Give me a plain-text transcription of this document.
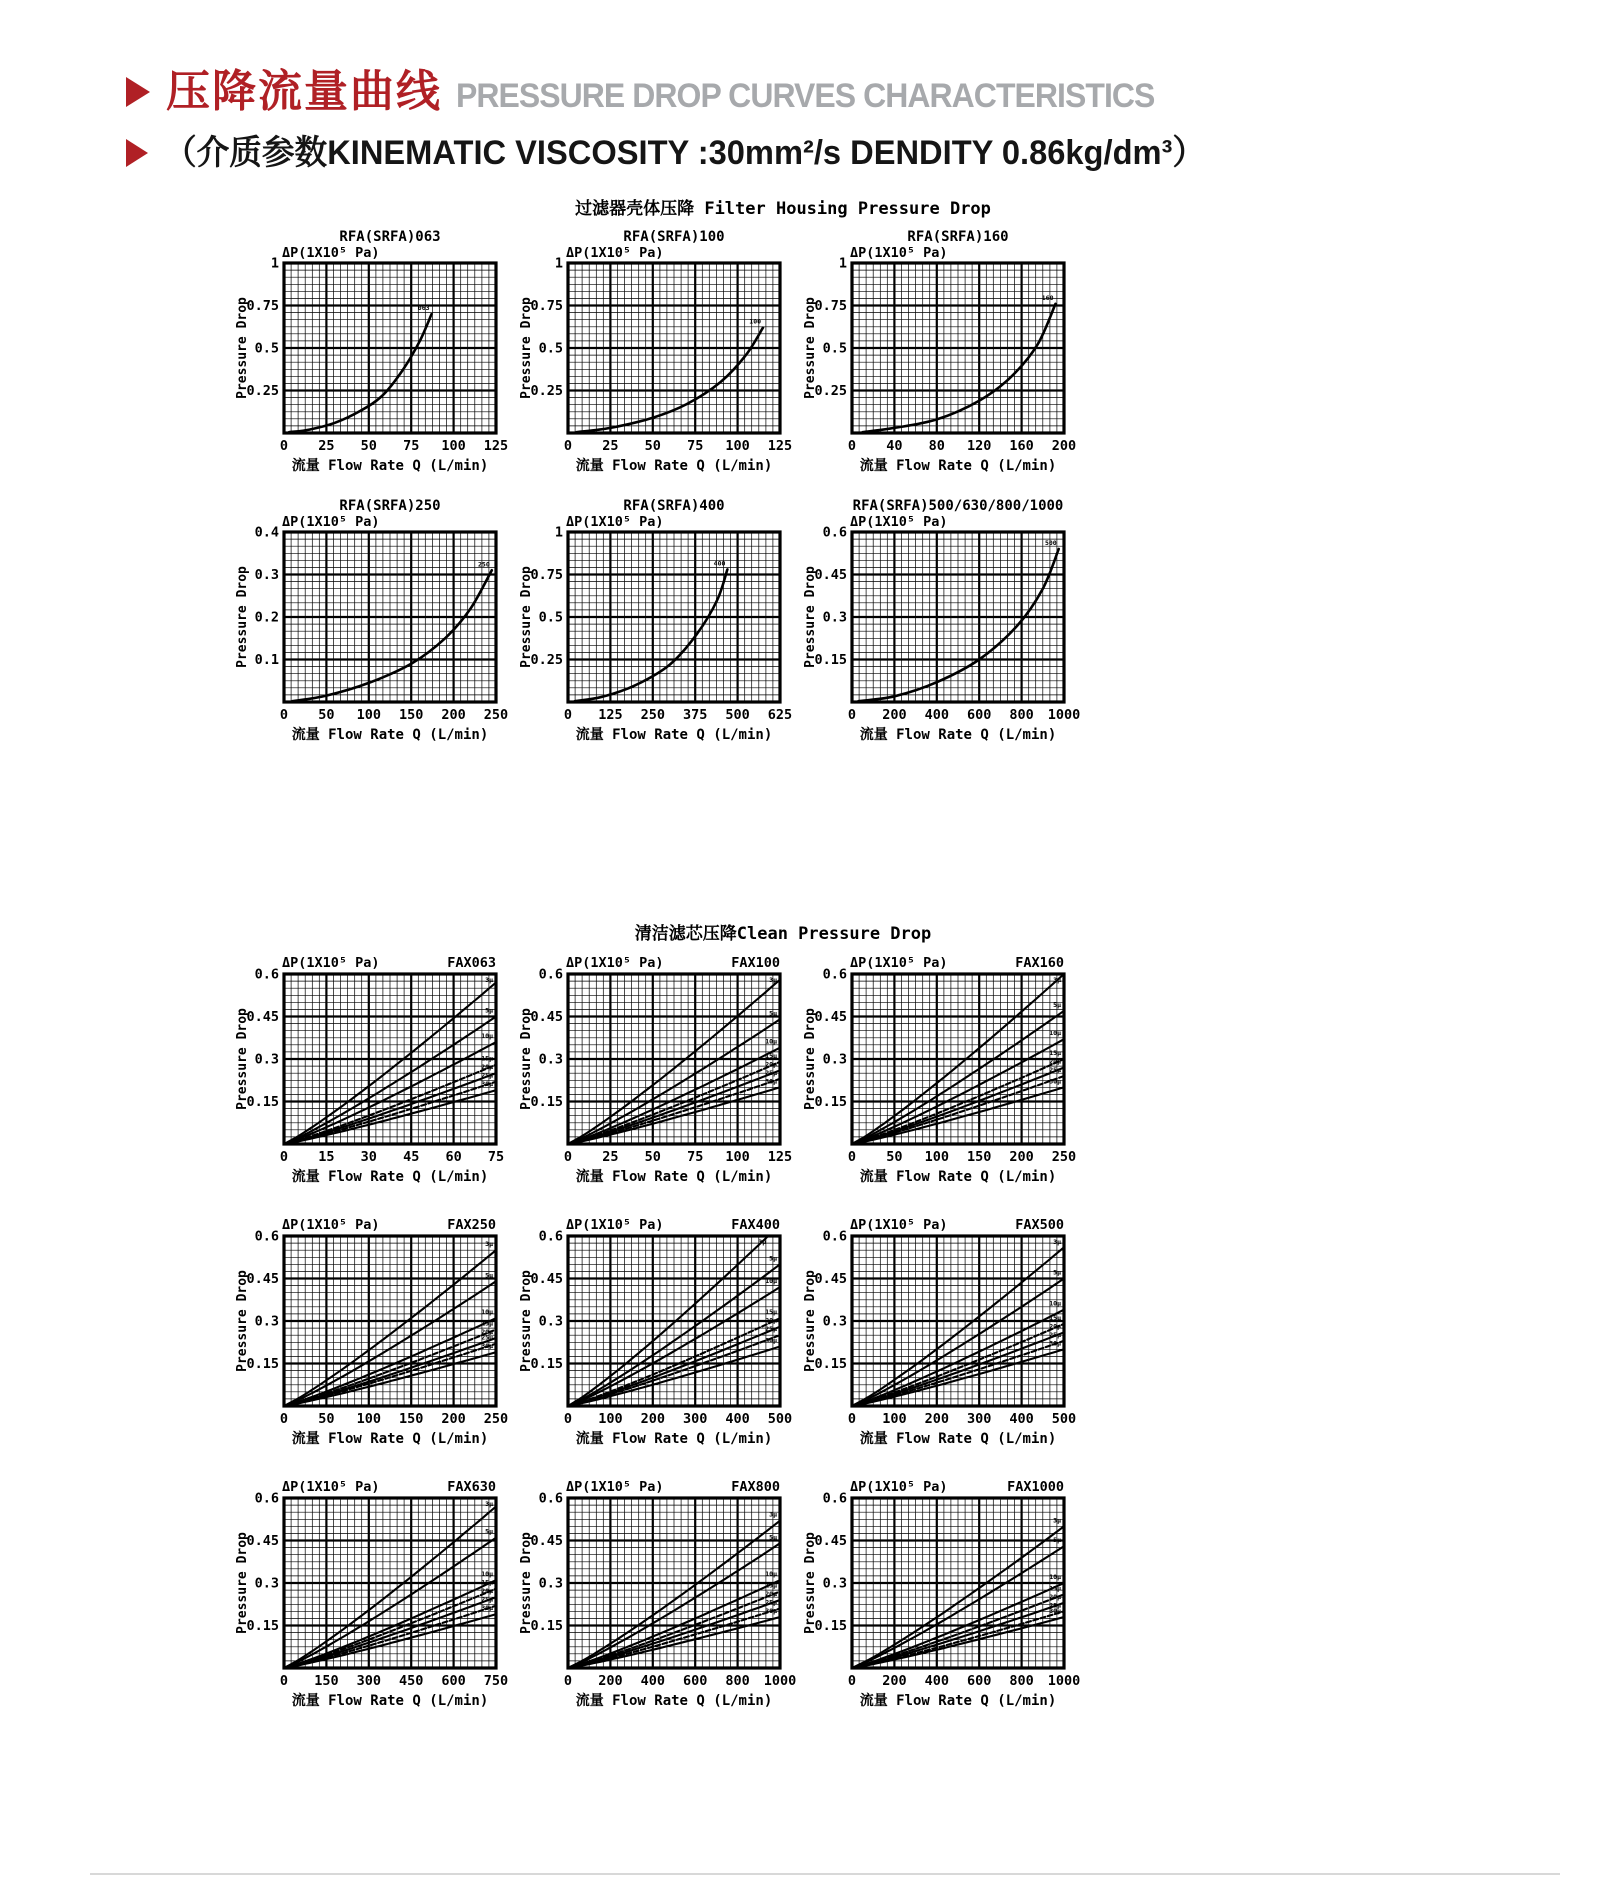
压降流量曲线 PRESSURE DROP CURVES CHARACTERISTICS
（介质参数KINEMATIC VISCOSITY :30mm²/s DENDITY 0.86kg/dm³）
过滤器壳体压降 Filter Housing Pressure Drop
RFA(SRFA)063
ΔP(1X10⁵ Pa)
Pressure Drop
0.25
0.5
0.75
1
0 25 50 75 100 125
流量 Flow Rate Q (L/min)
063
RFA(SRFA)100
ΔP(1X10⁵ Pa)
Pressure Drop
0.25
0.5
0.75
1
0 25 50 75 100 125
流量 Flow Rate Q (L/min)
100
RFA(SRFA)160
ΔP(1X10⁵ Pa)
Pressure Drop
0.25
0.5
0.75
1
0 40 80 120 160 200
流量 Flow Rate Q (L/min)
160
RFA(SRFA)250
ΔP(1X10⁵ Pa)
Pressure Drop 0.1
0.2
0.3
0.4
0 50 100 150 200 250
流量 Flow Rate Q (L/min)
250
RFA(SRFA)400
ΔP(1X10⁵ Pa)
Pressure Drop
0.25
0.5
0.75
1
0 125 250 375 500 625
流量 Flow Rate Q (L/min)
400
RFA(SRFA)500/630/800/1000
ΔP(1X10⁵ Pa)
Pressure Drop
0.15
0.3
0.45
0.6
0 200 400 600 800 1000
流量 Flow Rate Q (L/min)
500
清洁滤芯压降Clean Pressure Drop
ΔP(1X10⁵ Pa)	FAX063
Pressure Drop
0.15
0.3
0.45
0.6
0 15 30 45 60 75
流量 Flow Rate Q (L/min)
3μ
5μ
10μ
15μ
20μ
25μ
30μ
ΔP(1X10⁵ Pa)	FAX100
Pressure Drop
0.15
0.3
0.45
0.6
0 25 50 75 100 125
流量 Flow Rate Q (L/min)
3μ
5μ
10μ
15μ
20μ
25μ
30μ
ΔP(1X10⁵ Pa)	FAX160
Pressure Drop
0.15
0.3
0.45
0.6
0 50 100 150 200 250
流量 Flow Rate Q (L/min)
3μ
5μ
10μ
15μ
20μ
25μ
30μ
ΔP(1X10⁵ Pa)	FAX250
Pressure Drop
0.15
0.3
0.45
0.6
0 50 100 150 200 250
流量 Flow Rate Q (L/min)
3μ
5μ
10μ
15μ
20μ
25μ
30μ
ΔP(1X10⁵ Pa)	FAX400
Pressure Drop
0.15
0.3
0.45
0.6
0 100 200 300 400 500
流量 Flow Rate Q (L/min)
3μ
5μ
10μ
15μ
20μ
25μ
30μ
ΔP(1X10⁵ Pa)	FAX500
Pressure Drop
0.15
0.3
0.45
0.6
0 100 200 300 400 500
流量 Flow Rate Q (L/min)
3μ
5μ
10μ
15μ
20μ
25μ
30μ
ΔP(1X10⁵ Pa)	FAX630
Pressure Drop
0.15
0.3
0.45
0.6
0 150 300 450 600 750
流量 Flow Rate Q (L/min)
3μ
5μ
10μ
15μ
20μ
25μ
30μ
ΔP(1X10⁵ Pa)	FAX800
Pressure Drop
0.15
0.3
0.45
0.6
0 200 400 600 800 1000
流量 Flow Rate Q (L/min)
3μ
5μ
10μ
15μ
20μ
25μ
30μ
ΔP(1X10⁵ Pa)	FAX1000
Pressure Drop
0.15
0.3
0.45
0.6
0 200 400 600 800 1000
流量 Flow Rate Q (L/min)
3μ
5μ
10μ
15μ
20μ
25μ
30μ
